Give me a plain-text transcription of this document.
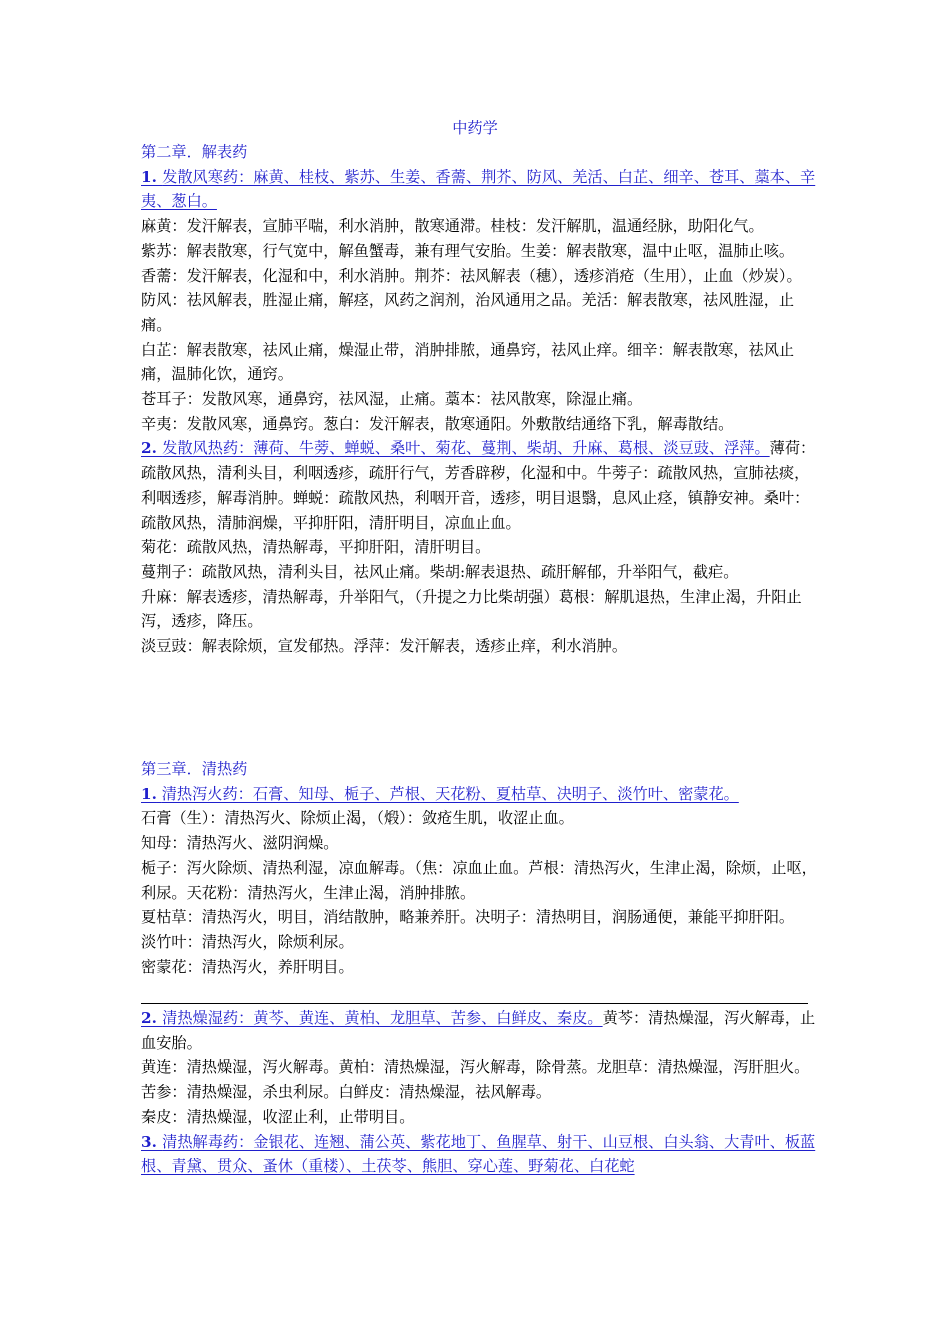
中药学

第二章．解表药

1. 发散风寒药：麻黄、桂枝、紫苏、生姜、香薷、荆芥、防风、羌活、白芷、细辛、苍耳、藁本、辛夷、葱白。

麻黄：发汗解表，宣肺平喘，利水消肿，散寒通滞。桂枝：发汗解肌，温通经脉，助阳化气。

紫苏：解表散寒，行气宽中，解鱼蟹毒，兼有理气安胎。生姜：解表散寒，温中止呕，温肺止咳。

香薷：发汗解表，化湿和中，利水消肿。荆芥：祛风解表（穗），透疹消疮（生用），止血（炒炭）。

防风：祛风解表，胜湿止痛，解痉，风药之润剂，治风通用之品。羌活：解表散寒，祛风胜湿，止痛。

白芷：解表散寒，祛风止痛，燥湿止带，消肿排脓，通鼻窍，祛风止痒。细辛：解表散寒，祛风止痛，温肺化饮，通窍。

苍耳子：发散风寒，通鼻窍，祛风湿，止痛。藁本：祛风散寒，除湿止痛。

辛夷：发散风寒，通鼻窍。葱白：发汗解表，散寒通阳。外敷散结通络下乳，解毒散结。

2. 发散风热药：薄荷、牛蒡、蝉蜕、桑叶、菊花、蔓荆、柴胡、升麻、葛根、淡豆豉、浮萍。薄荷：疏散风热，清利头目，利咽透疹，疏肝行气，芳香辟秽，化湿和中。牛蒡子：疏散风热，宣肺祛痰，利咽透疹，解毒消肿。蝉蜕：疏散风热，利咽开音，透疹，明目退翳，息风止痉，镇静安神。桑叶：疏散风热，清肺润燥，平抑肝阳，清肝明目，凉血止血。

菊花：疏散风热，清热解毒，平抑肝阳，清肝明目。

蔓荆子：疏散风热，清利头目，祛风止痛。柴胡:解表退热、疏肝解郁，升举阳气，截疟。

升麻：解表透疹，清热解毒，升举阳气，（升提之力比柴胡强）葛根：解肌退热，生津止渴，升阳止泻，透疹，降压。

淡豆豉：解表除烦，宣发郁热。浮萍：发汗解表，透疹止痒，利水消肿。

第三章．清热药

1. 清热泻火药：石膏、知母、栀子、芦根、天花粉、夏枯草、决明子、淡竹叶、密蒙花。

石膏（生）：清热泻火、除烦止渴，（煅）：敛疮生肌，收涩止血。

知母：清热泻火、滋阴润燥。

栀子：泻火除烦、清热利湿，凉血解毒。（焦：凉血止血。芦根：清热泻火，生津止渴，除烦，止呕，利尿。天花粉：清热泻火，生津止渴，消肿排脓。

夏枯草：清热泻火，明目，消结散肿，略兼养肝。决明子：清热明目，润肠通便，兼能平抑肝阳。

淡竹叶：清热泻火，除烦利尿。

密蒙花：清热泻火，养肝明目。

2. 清热燥湿药：黄芩、黄连、黄柏、龙胆草、苦参、白鲜皮、秦皮。黄芩：清热燥湿，泻火解毒，止血安胎。

黄连：清热燥湿，泻火解毒。黄柏：清热燥湿，泻火解毒，除骨蒸。龙胆草：清热燥湿，泻肝胆火。

苦参：清热燥湿，杀虫利尿。白鲜皮：清热燥湿，祛风解毒。

秦皮：清热燥湿，收涩止利，止带明目。

3. 清热解毒药：金银花、连翘、蒲公英、紫花地丁、鱼腥草、射干、山豆根、白头翁、大青叶、板蓝根、青黛、贯众、蚤休（重楼）、土茯苓、熊胆、穿心莲、野菊花、白花蛇
